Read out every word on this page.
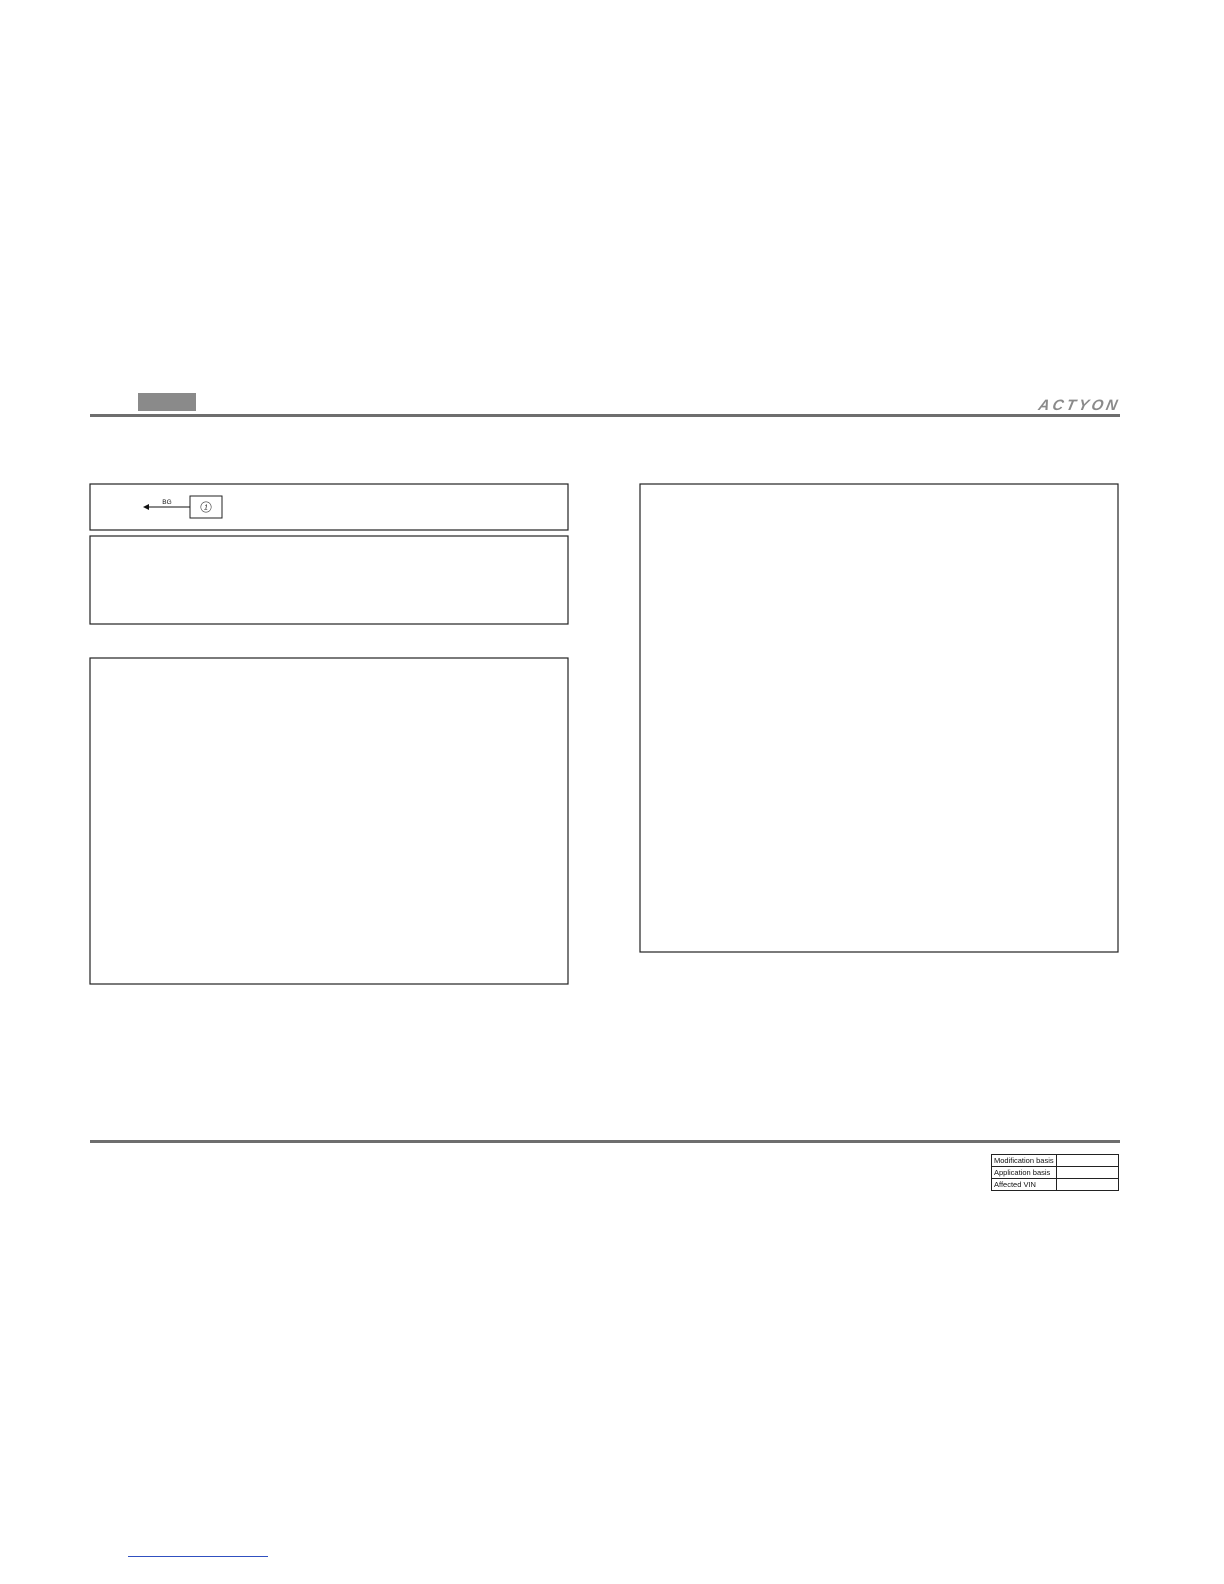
ACTYON
1
BG
Modification basis	
Application basis	
Affected VIN	
